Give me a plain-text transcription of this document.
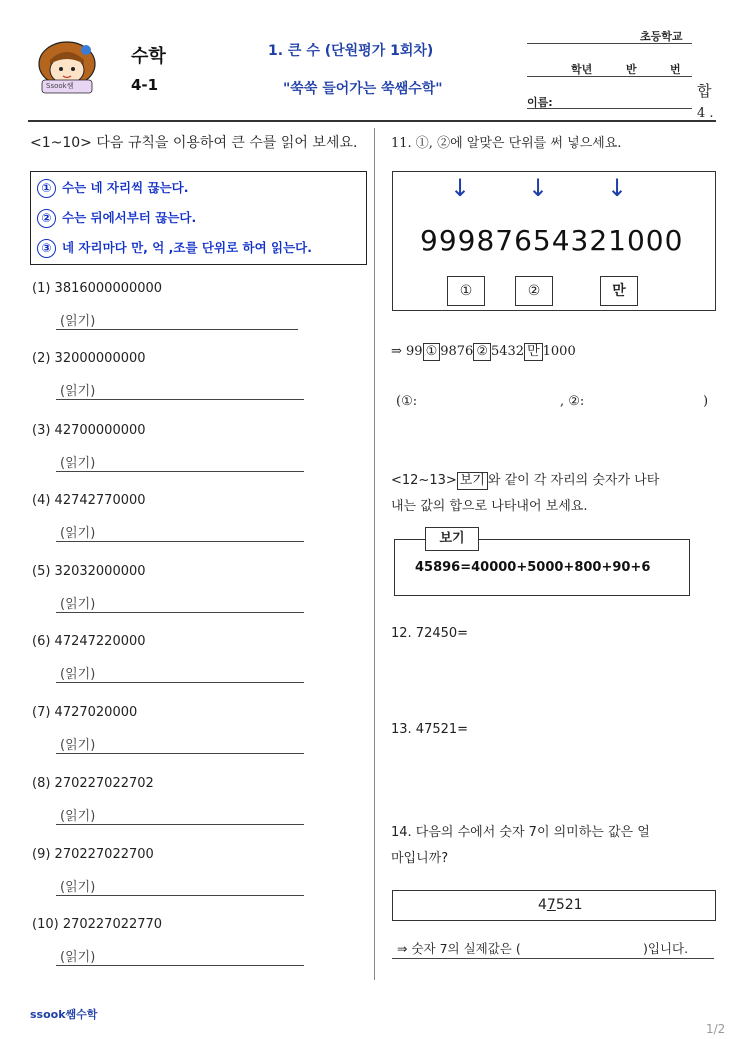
Ssook쌤
수학
4-1
1. 큰 수 (단원평가 1회차)
"쑥쑥 들어가는 쑥쌤수학"
초등학교
학년	반	번
이름:
합
4 .
<1~10> 다음 규칙을 이용하여 큰 수를 읽어 보세요.
① 수는 네 자리씩 끊는다.
② 수는 뒤에서부터 끊는다.
③ 네 자리마다 만, 억 ,조를 단위로 하여 읽는다.
(1) 3816000000000
(읽기)
(2) 32000000000
(읽기)
(3) 42700000000
(읽기)
(4) 42742770000
(읽기)
(5) 32032000000
(읽기)
(6) 47247220000
(읽기)
(7) 4727020000
(읽기)
(8) 270227022702
(읽기)
(9) 270227022700
(읽기)
(10) 270227022770
(읽기)
11. ①, ②에 알맞은 단위를 써 넣으세요.
↓ ↓ ↓
99987654321000
①	②	만
⇒ 99 ① 9876 ② 5432 만 1000
(①:	, ②:	)
<12~13> 보기 와 같이 각 자리의 숫자가 나타
내는 값의 합으로 나타내어 보세요.
45896=40000+5000+800+90+6
보기
12. 72450=
13. 47521=
14. 다음의 수에서 숫자 7이 의미하는 값은 얼
마입니까?
47521
⇒ 숫자 7의 실제값은 (	)입니다.
ssook쌤수학
1/2
